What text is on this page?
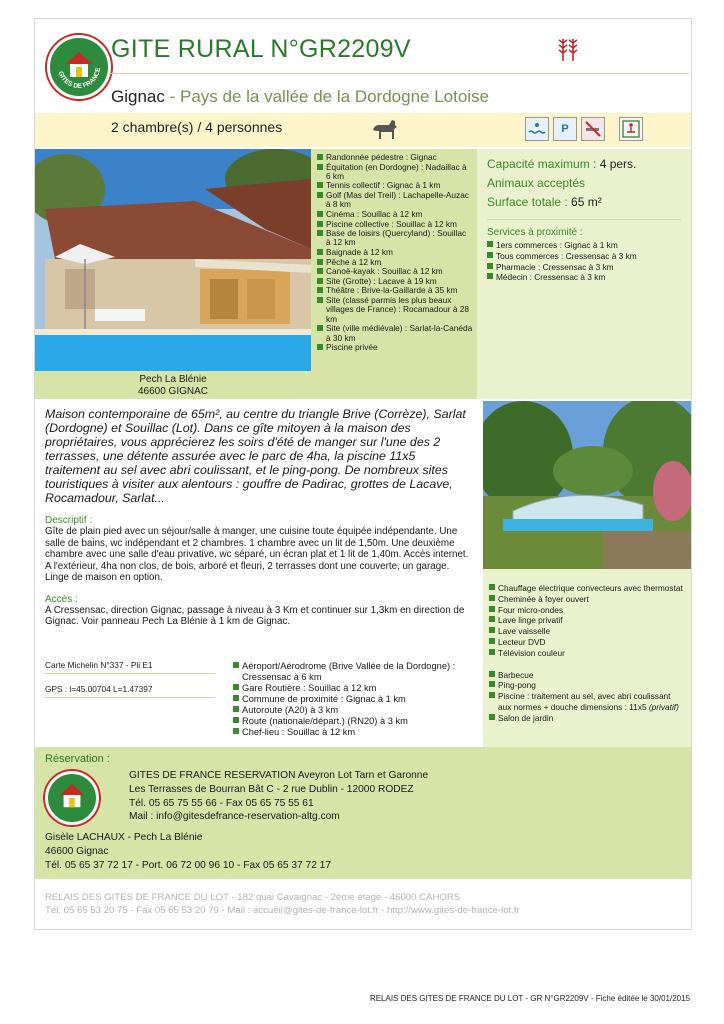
GITES DE FRANCE
GITE RURAL N°GR2209V
Gignac - Pays de la vallée de la Dordogne Lotoise
2 chambre(s) / 4 personnes	P
Pech La Blénie
46600 GIGNAC
Randonnée pédestre : Gignac
Équitation (en Dordogne) : Nadaillac à 6 km
Tennis collectif : Gignac à 1 km
Golf (Mas del Treil) : Lachapelle-Auzac à 8 km
Cinéma : Souillac à 12 km
Piscine collective : Souillac à 12 km
Base de loisirs (Quercyland) : Souillac à 12 km
Baignade à 12 km
Pêche à 12 km
Canoë-kayak : Souillac à 12 km
Site (Grotte) : Lacave à 19 km
Théâtre : Brive-la-Gaillarde à 35 km
Site (classé parmis les plus beaux villages de France) : Rocamadour à 28 km
Site (ville médiévale) : Sarlat-la-Canéda à 30 km
Piscine privée
Capacité maximum : 4 pers.
Animaux acceptés
Surface totale : 65 m²
Services à proximité :
1ers commerces : Gignac à 1 km
Tous commerces : Cressensac à 3 km
Pharmacie : Cressensac à 3 km
Médecin : Cressensac à 3 km

Maison contemporaine de 65m², au centre du triangle Brive (Corrèze), Sarlat (Dordogne) et Souillac (Lot). Dans ce gîte mitoyen à la maison des propriétaires, vous apprécierez les soirs d'été de manger sur l'une des 2 terrasses, une détente assurée avec le parc de 4ha, la piscine 11x5 traitement au sel avec abri coulissant, et le ping-pong. De nombreux sites touristiques à visiter aux alentours : gouffre de Padirac, grottes de Lacave, Rocamadour, Sarlat...

Descriptif :

Gîte de plain pied avec un séjour/salle à manger, une cuisine toute équipée indépendante. Une salle de bains, wc indépendant et 2 chambres. 1 chambre avec un lit de 1,50m. Une deuxième chambre avec une salle d'eau privative, wc séparé, un écran plat et 1 lit de 1,40m. Accès internet. A l'extérieur, 4ha non clos, de bois, arboré et fleuri, 2 terrasses dont une couverte, un garage. Linge de maison en option.

Accès :

A Cressensac, direction Gignac, passage à niveau à 3 Km et continuer sur 1,3km en direction de Gignac. Voir panneau Pech La Blénie à 1 km de Gignac.

Chauffage électrique convecteurs avec thermostat
Cheminée à foyer ouvert
Four micro-ondes
Lave linge privatif
Lave vaisselle
Lecteur DVD
Télévision couleur
Barbecue
Ping-pong
Piscine : traitement au sel, avec abri coulissant aux normes + douche dimensions : 11x5 (privatif)
Salon de jardin
Carte Michelin N°337 - Pli E1
GPS : l=45.00704 L=1.47397
Aéroport/Aérodrome (Brive Vallée de la Dordogne) : Cressensac à 6 km
Gare Routière : Souillac à 12 km
Commune de proximité : Gignac à 1 km
Autoroute (A20) à 3 km
Route (nationale/départ.) (RN20) à 3 km
Chef-lieu : Souillac à 12 km
Réservation :
GITES DE FRANCE RESERVATION Aveyron Lot Tarn et Garonne
Les Terrasses de Bourran Bât C - 2 rue Dublin - 12000 RODEZ
Tél. 05 65 75 55 66 - Fax 05 65 75 55 61
Mail : info@gitesdefrance-reservation-altg.com
Gisèle LACHAUX - Pech La Blénie
46600 Gignac
Tél. 05 65 37 72 17 - Port. 06 72 00 96 10 - Fax 05 65 37 72 17
RELAIS DES GITES DE FRANCE DU LOT - 182 quai Cavaignac - 2ème étage - 46000 CAHORS
Tél. 05 65 53 20 75 - Fax 05 65 53 20 79 - Mail : accueil@gites-de-france-lot.fr - http://www.gites-de-france-lot.fr
RELAIS DES GITES DE FRANCE DU LOT - GR N°GR2209V - Fiche éditée le 30/01/2015
